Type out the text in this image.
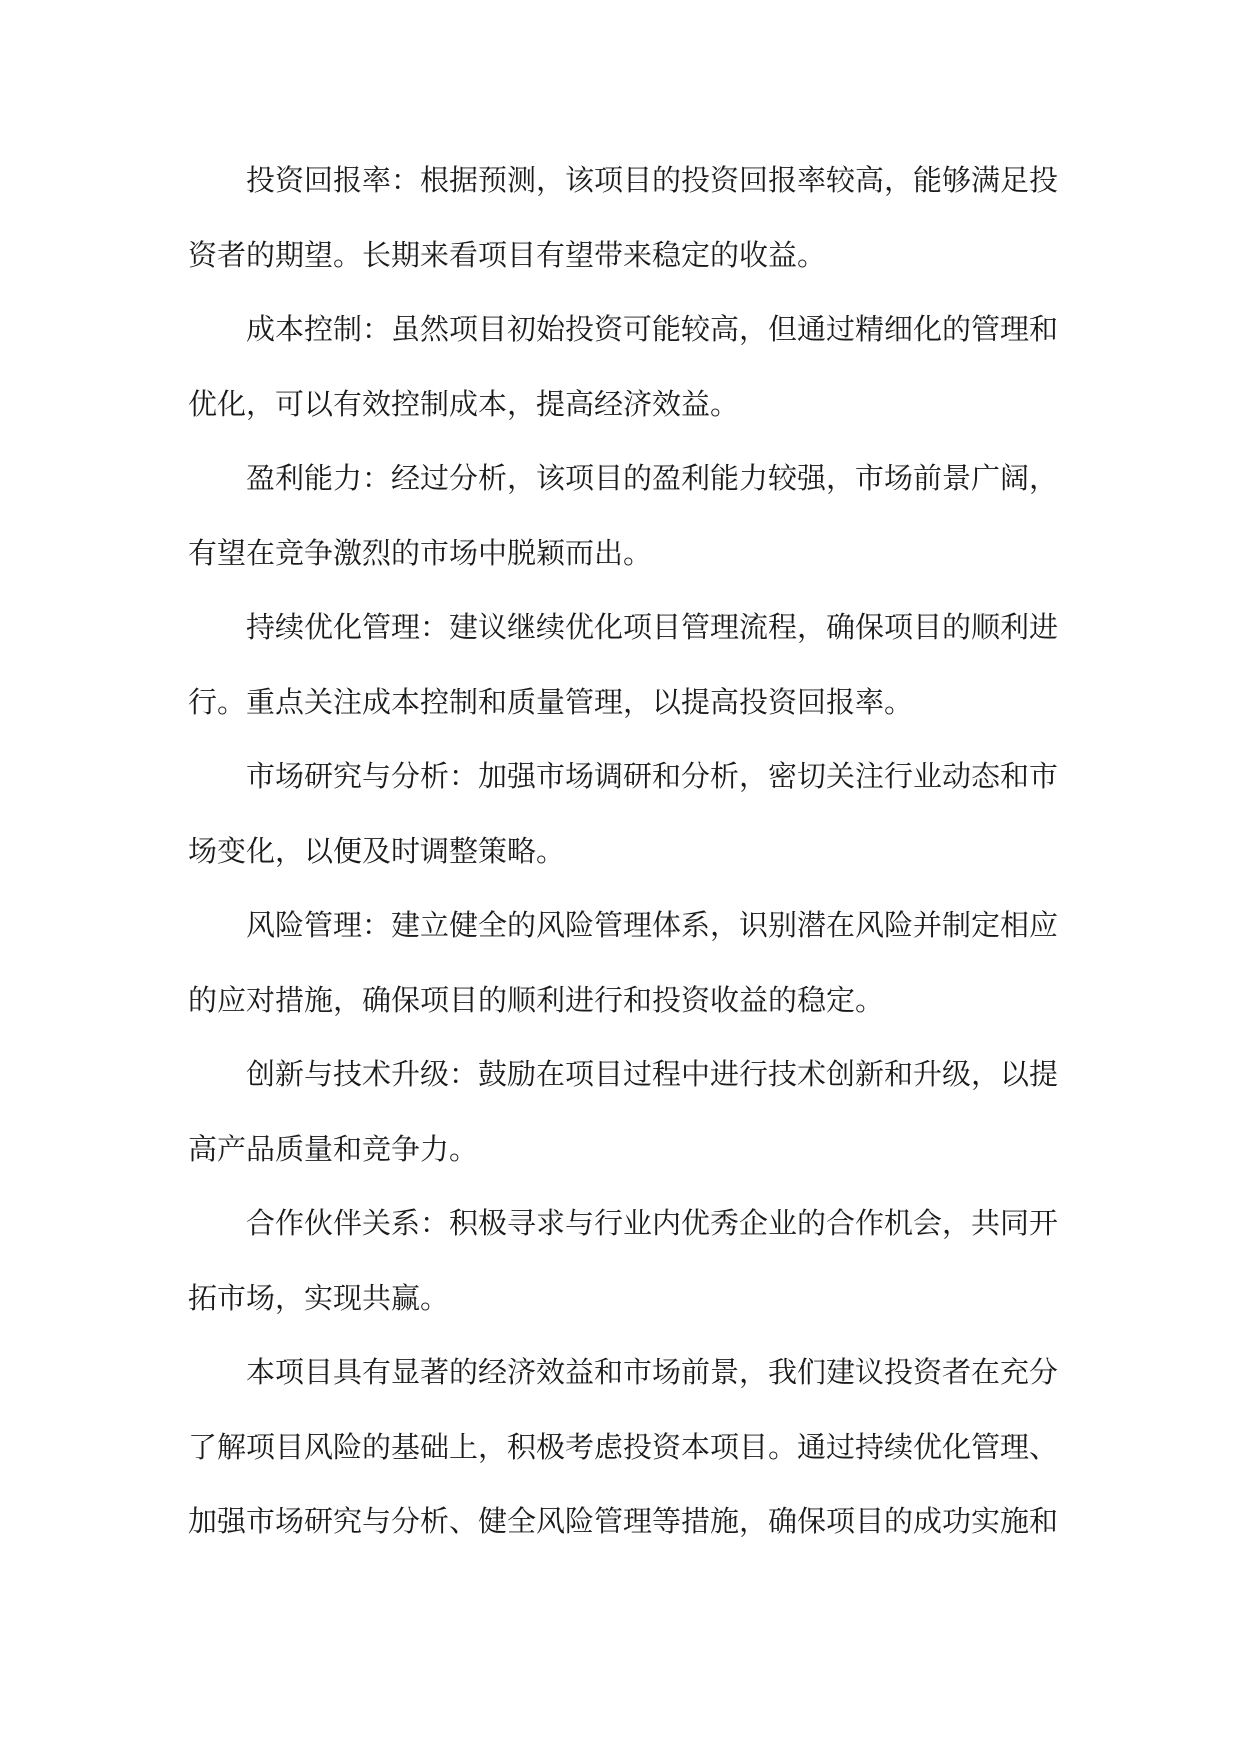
投资回报率：根据预测，该项目的投资回报率较高，能够满足投资者的期望。长期来看项目有望带来稳定的收益。

成本控制：虽然项目初始投资可能较高，但通过精细化的管理和优化，可以有效控制成本，提高经济效益。

盈利能力：经过分析，该项目的盈利能力较强，市场前景广阔，有望在竞争激烈的市场中脱颖而出。

持续优化管理：建议继续优化项目管理流程，确保项目的顺利进行。重点关注成本控制和质量管理，以提高投资回报率。

市场研究与分析：加强市场调研和分析，密切关注行业动态和市场变化，以便及时调整策略。

风险管理：建立健全的风险管理体系，识别潜在风险并制定相应的应对措施，确保项目的顺利进行和投资收益的稳定。

创新与技术升级：鼓励在项目过程中进行技术创新和升级，以提高产品质量和竞争力。

合作伙伴关系：积极寻求与行业内优秀企业的合作机会，共同开拓市场，实现共赢。

本项目具有显著的经济效益和市场前景，我们建议投资者在充分了解项目风险的基础上，积极考虑投资本项目。通过持续优化管理、加强市场研究与分析、健全风险管理等措施，确保项目的成功实施和
